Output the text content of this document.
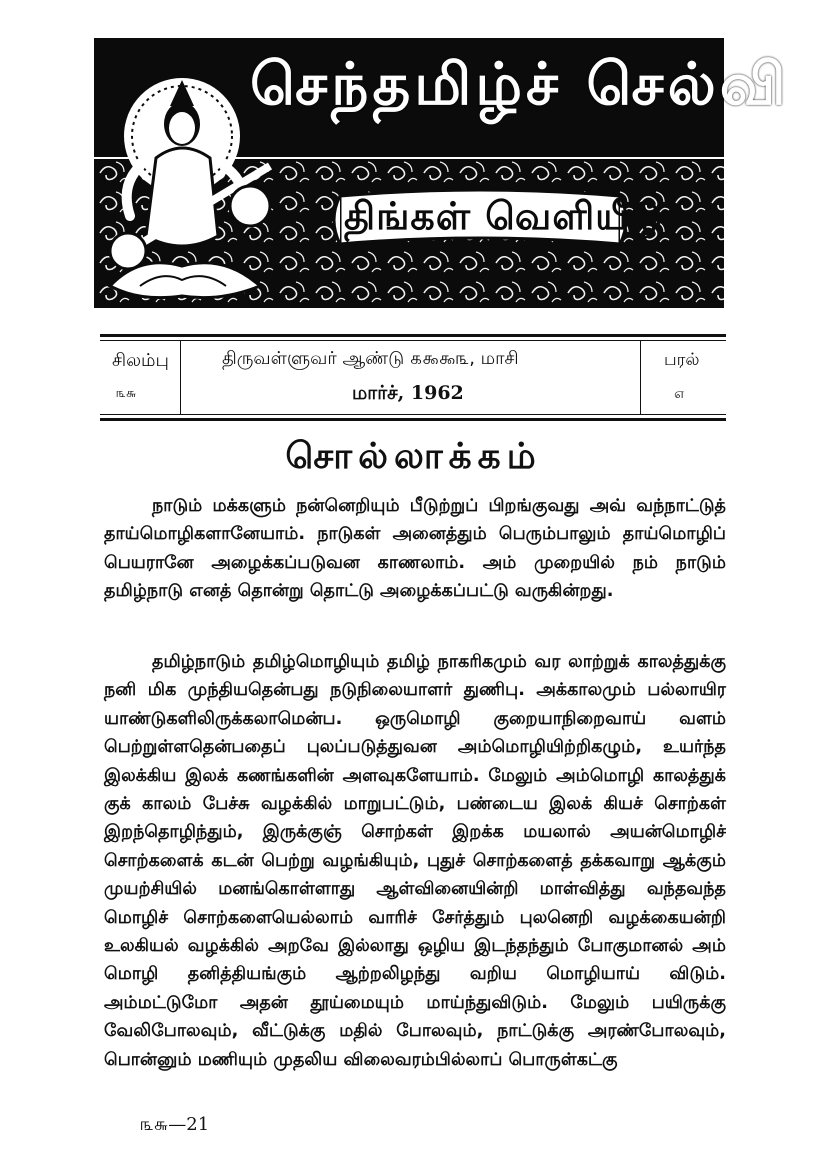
செந்தமிழ்ச் செல்வி
திங்கள் வெளியீடு
சிலம்பு
௩௬
திருவள்ளுவர் ஆண்டு ௧௯௯௩, மாசி
மார்ச், 1962
பரல்
௭
சொல்லாக்கம்

நாடும் மக்களும் நன்னெறியும் பீடுற்றுப் பிறங்குவது அவ் வந்நாட்டுத் தாய்மொழிகளானேயாம். நாடுகள் அனைத்தும் பெரும்பாலும் தாய்மொழிப் பெயரானே அழைக்கப்படுவன காணலாம். அம் முறையில் நம் நாடும் தமிழ்நாடு எனத் தொன்று தொட்டு அழைக்கப்பட்டு வருகின்றது.

தமிழ்நாடும் தமிழ்மொழியும் தமிழ் நாகரிகமும் வர லாற்றுக் காலத்துக்கு நனி மிக முந்தியதென்பது நடுநிலையாளர் துணிபு. அக்காலமும் பல்லாயிர யாண்டுகளிலிருக்கலாமென்ப. ஒருமொழி குறையாநிறைவாய் வளம் பெற்றுள்ளதென்பதைப் புலப்படுத்துவன அம்மொழியிற்றிகழும், உயர்ந்த இலக்கிய இலக் கணங்களின் அளவுகளேயாம். மேலும் அம்மொழி காலத்துக் குக் காலம் பேச்சு வழக்கில் மாறுபட்டும், பண்டைய இலக் கியச் சொற்கள் இறந்தொழிந்தும், இருக்குஞ் சொற்கள் இறக்க மயலால் அயன்மொழிச் சொற்களைக் கடன் பெற்று வழங்கியும், புதுச் சொற்களைத் தக்கவாறு ஆக்கும் முயற்சியில் மனங்கொள்ளாது ஆள்வினையின்றி மாள்வித்து வந்தவந்த மொழிச் சொற்களையெல்லாம் வாரிச் சேர்த்தும் புலனெறி வழக்கையன்றி உலகியல் வழக்கில் அறவே இல்லாது ஒழிய இடந்தந்தும் போகுமானல் அம் மொழி தனித்தியங்கும் ஆற்றலிழந்து வறிய மொழியாய் விடும். அம்மட்டுமோ அதன் தூய்மையும் மாய்ந்துவிடும். மேலும் பயிருக்கு வேலிபோலவும், வீட்டுக்கு மதில் போலவும், நாட்டுக்கு அரண்போலவும், பொன்னும் மணியும் முதலிய விலைவரம்பில்லாப் பொருள்கட்கு

௩௬—21
